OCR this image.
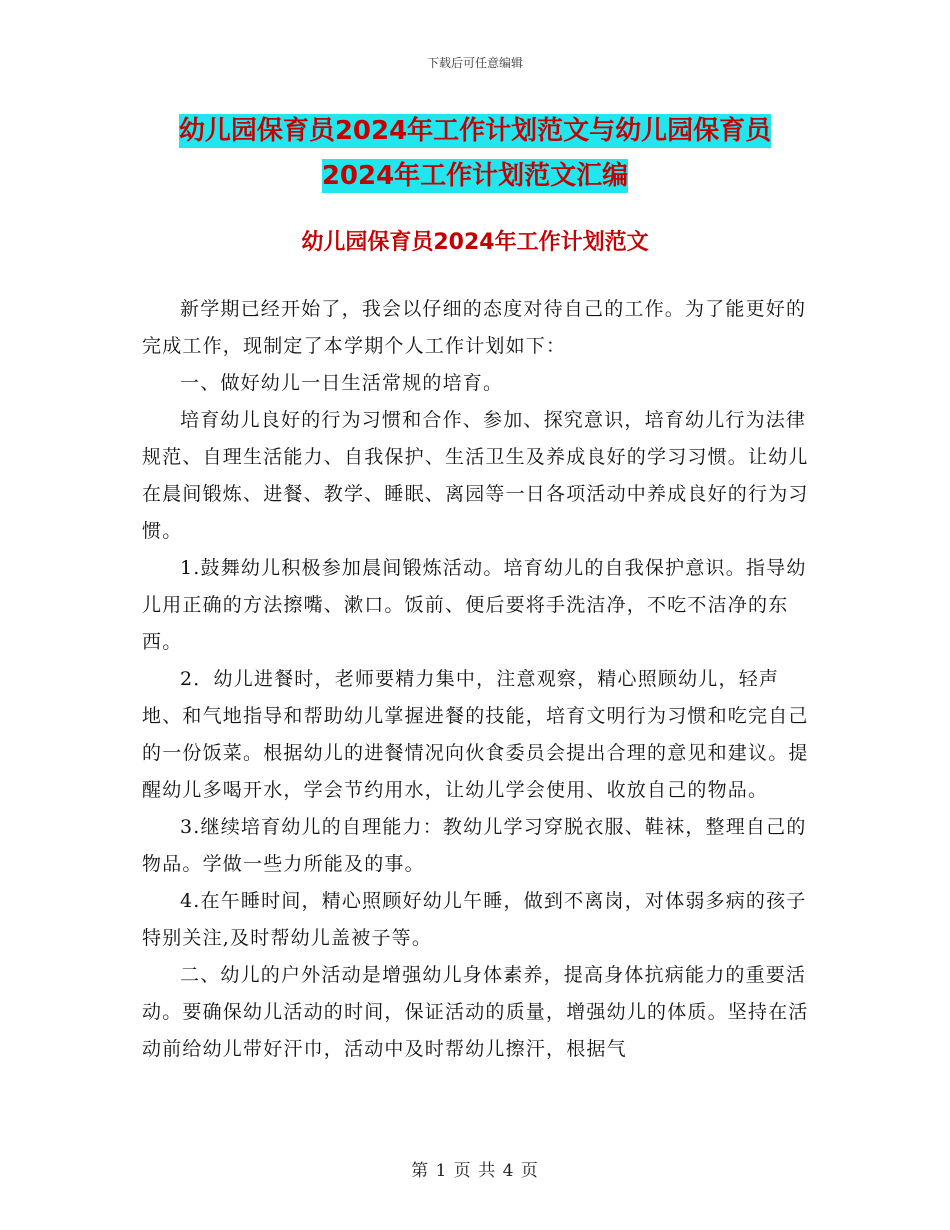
下载后可任意编辑
幼儿园保育员2024年工作计划范文与幼儿园保育员
2024年工作计划范文汇编
幼儿园保育员2024年工作计划范文

新学期已经开始了，我会以仔细的态度对待自己的工作。为了能更好的完成工作，现制定了本学期个人工作计划如下：

一、做好幼儿一日生活常规的培育。

培育幼儿良好的行为习惯和合作、参加、探究意识，培育幼儿行为法律规范、自理生活能力、自我保护、生活卫生及养成良好的学习习惯。让幼儿在晨间锻炼、进餐、教学、睡眠、离园等一日各项活动中养成良好的行为习惯。

1.鼓舞幼儿积极参加晨间锻炼活动。培育幼儿的自我保护意识。指导幼儿用正确的方法擦嘴、漱口。饭前、便后要将手洗洁净，不吃不洁净的东西。

2．幼儿进餐时，老师要精力集中，注意观察，精心照顾幼儿，轻声地、和气地指导和帮助幼儿掌握进餐的技能，培育文明行为习惯和吃完自己的一份饭菜。根据幼儿的进餐情况向伙食委员会提出合理的意见和建议。提醒幼儿多喝开水，学会节约用水，让幼儿学会使用、收放自己的物品。

3.继续培育幼儿的自理能力：教幼儿学习穿脱衣服、鞋袜，整理自己的物品。学做一些力所能及的事。

4.在午睡时间，精心照顾好幼儿午睡，做到不离岗，对体弱多病的孩子特别关注,及时帮幼儿盖被子等。

二、幼儿的户外活动是增强幼儿身体素养，提高身体抗病能力的重要活动。要确保幼儿活动的时间，保证活动的质量，增强幼儿的体质。坚持在活动前给幼儿带好汗巾，活动中及时帮幼儿擦汗，根据气

第 1 页 共 4 页
